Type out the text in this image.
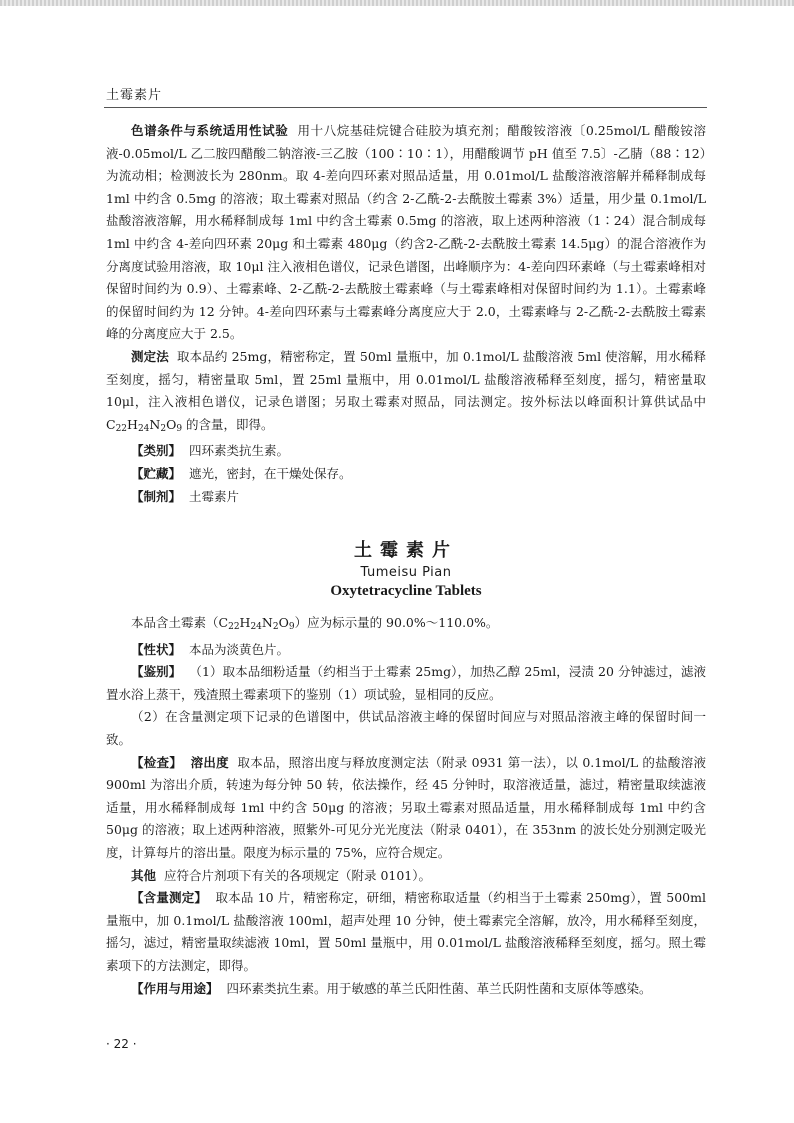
土霉素片

色谱条件与系统适用性试验 用十八烷基硅烷键合硅胶为填充剂；醋酸铵溶液〔0.25mol/L 醋酸铵溶液-0.05mol/L 乙二胺四醋酸二钠溶液-三乙胺（100∶10∶1），用醋酸调节 pH 值至 7.5〕-乙腈（88∶12）为流动相；检测波长为 280nm。取 4-差向四环素对照品适量，用 0.01mol/L 盐酸溶液溶解并稀释制成每 1ml 中约含 0.5mg 的溶液；取土霉素对照品（约含 2-乙酰-2-去酰胺土霉素 3%）适量，用少量 0.1mol/L 盐酸溶液溶解，用水稀释制成每 1ml 中约含土霉素 0.5mg 的溶液，取上述两种溶液（1∶24）混合制成每 1ml 中约含 4-差向四环素 20μg 和土霉素 480μg（约含2-乙酰-2-去酰胺土霉素 14.5μg）的混合溶液作为分离度试验用溶液，取 10μl 注入液相色谱仪，记录色谱图，出峰顺序为：4-差向四环素峰（与土霉素峰相对保留时间约为 0.9）、土霉素峰、2-乙酰-2-去酰胺土霉素峰（与土霉素峰相对保留时间约为 1.1）。土霉素峰的保留时间约为 12 分钟。4-差向四环素与土霉素峰分离度应大于 2.0，土霉素峰与 2-乙酰-2-去酰胺土霉素峰的分离度应大于 2.5。

测定法 取本品约 25mg，精密称定，置 50ml 量瓶中，加 0.1mol/L 盐酸溶液 5ml 使溶解，用水稀释至刻度，摇匀，精密量取 5ml，置 25ml 量瓶中，用 0.01mol/L 盐酸溶液稀释至刻度，摇匀，精密量取 10μl，注入液相色谱仪，记录色谱图；另取土霉素对照品，同法测定。按外标法以峰面积计算供试品中 $C_{22}H_{24}N_2O_9$ 的含量，即得。

【类别】 四环素类抗生素。

【贮藏】 遮光，密封，在干燥处保存。

【制剂】 土霉素片

土霉素片
Tumeisu Pian
Oxytetracycline Tablets

本品含土霉素$(C_{22}H_{24}N_2O_9)$应为标示量的 90.0%～110.0%。

【性状】 本品为淡黄色片。

【鉴别】 （1）取本品细粉适量（约相当于土霉素 25mg），加热乙醇 25ml，浸渍 20 分钟滤过，滤液置水浴上蒸干，残渣照土霉素项下的鉴别（1）项试验，显相同的反应。

（2）在含量测定项下记录的色谱图中，供试品溶液主峰的保留时间应与对照品溶液主峰的保留时间一致。

【检查】 溶出度 取本品，照溶出度与释放度测定法（附录 0931 第一法），以 0.1mol/L 的盐酸溶液 900ml 为溶出介质，转速为每分钟 50 转，依法操作，经 45 分钟时，取溶液适量，滤过，精密量取续滤液适量，用水稀释制成每 1ml 中约含 50μg 的溶液；另取土霉素对照品适量，用水稀释制成每 1ml 中约含 50μg 的溶液；取上述两种溶液，照紫外-可见分光光度法（附录 0401），在 353nm 的波长处分别测定吸光度，计算每片的溶出量。限度为标示量的 75%，应符合规定。

其他 应符合片剂项下有关的各项规定（附录 0101）。

【含量测定】 取本品 10 片，精密称定，研细，精密称取适量（约相当于土霉素 250mg），置 500ml 量瓶中，加 0.1mol/L 盐酸溶液 100ml，超声处理 10 分钟，使土霉素完全溶解，放冷，用水稀释至刻度，摇匀，滤过，精密量取续滤液 10ml，置 50ml 量瓶中，用 0.01mol/L 盐酸溶液稀释至刻度，摇匀。照土霉素项下的方法测定，即得。

【作用与用途】 四环素类抗生素。用于敏感的革兰氏阳性菌、革兰氏阴性菌和支原体等感染。

· 22 ·
